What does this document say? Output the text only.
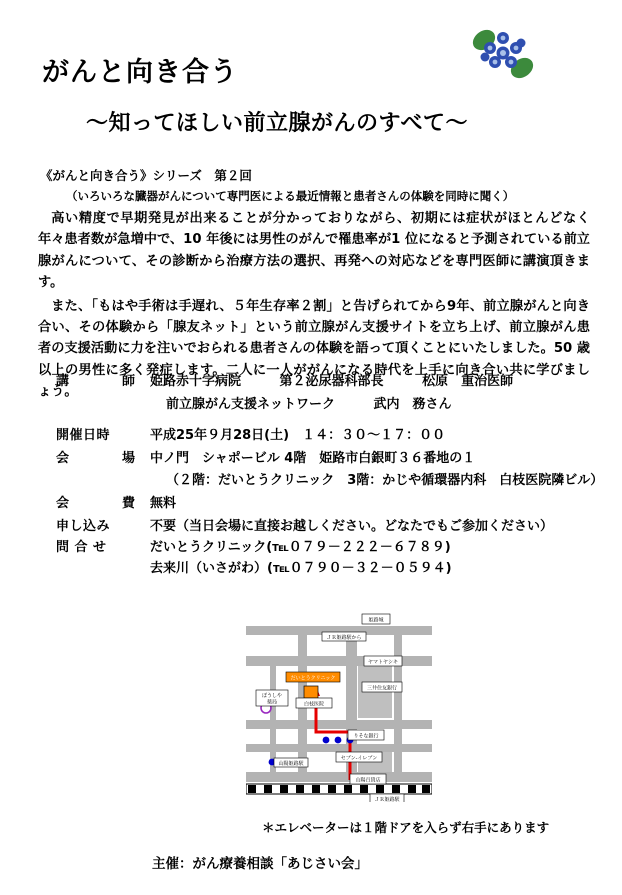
がんと向き合う
～知ってほしい前立腺がんのすべて～
《がんと向き合う》シリーズ　第２回
（いろいろな臓器がんについて専門医による最近情報と患者さんの体験を同時に聞く）

高い精度で早期発見が出来ることが分かっておりながら、初期には症状がほとんどなく年々患者数が急増中で、10 年後には男性のがんで罹患率が1 位になると予測されている前立腺がんについて、その診断から治療方法の選択、再発への対応などを専門医師に講演頂きます。

また、「もはや手術は手遅れ、５年生存率２割」と告げられてから9年、前立腺がんと向き合い、その体験から「腺友ネット」という前立腺がん支援サイトを立ち上げ、前立腺がん患者の支援活動に力を注いでおられる患者さんの体験を語って頂くことにいたしました。50 歳以上の男性に多く発症します。二人に一人ががんになる時代を上手に向き合い共に学びましょう。

講　　師 姫路赤十字病院	第２泌尿器科部長	松原　重治医師
前立腺がん支援ネットワーク	武内　務さん
開催日時	平成25年９月28日(土)　１４：３０～１７：００
会　　場 中ノ門　シャポービル 4階　姫路市白銀町３６番地の１
（２階：だいとうクリニック　3階：かじや循環器内科　白枝医院隣ビル）
会　　費 無料
申し込み	不要（当日会場に直接お越しください。どなたでもご参加ください）
問 合 せ	だいとうクリニック(℡０７９－２２２－６７８９)
去来川（いさがわ）(℡０７９０－３２－０５９４)
姫路城
ＪＲ姫路駅から
ヤマトヤシキ
だいとうクリニック
ぼうしや
薬局	白枝医院
三井住友銀行
りそな銀行
セブン-イレブン
山陽百貨店
ＪＲ姫路駅
山陽姫路駅
＊エレベーターは１階ドアを入らず右手にあります
主催：がん療養相談「あじさい会」
